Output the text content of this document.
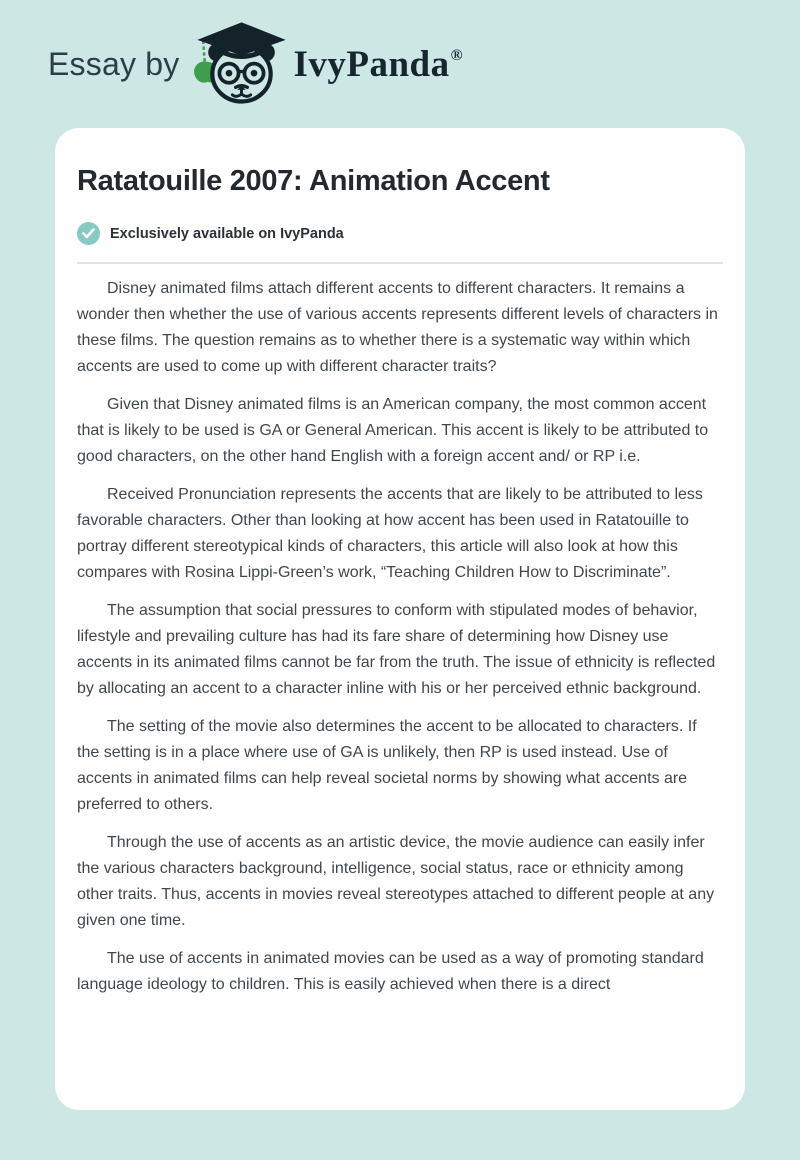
Essay by	IvyPanda®
Ratatouille 2007: Animation Accent
Exclusively available on IvyPanda

Disney animated films attach different accents to different characters. It remains a wonder then whether the use of various accents represents different levels of characters in these films. The question remains as to whether there is a systematic way within which accents are used to come up with different character traits?

Given that Disney animated films is an American company, the most common accent that is likely to be used is GA or General American. This accent is likely to be attributed to good characters, on the other hand English with a foreign accent and/ or RP i.e.

Received Pronunciation represents the accents that are likely to be attributed to less favorable characters. Other than looking at how accent has been used in Ratatouille to portray different stereotypical kinds of characters, this article will also look at how this compares with Rosina Lippi-Green’s work, “Teaching Children How to Discriminate”.

The assumption that social pressures to conform with stipulated modes of behavior, lifestyle and prevailing culture has had its fare share of determining how Disney use accents in its animated films cannot be far from the truth. The issue of ethnicity is reflected by allocating an accent to a character inline with his or her perceived ethnic background.

The setting of the movie also determines the accent to be allocated to characters. If the setting is in a place where use of GA is unlikely, then RP is used instead. Use of accents in animated films can help reveal societal norms by showing what accents are preferred to others.

Through the use of accents as an artistic device, the movie audience can easily infer the various characters background, intelligence, social status, race or ethnicity among other traits. Thus, accents in movies reveal stereotypes attached to different people at any given one time.

The use of accents in animated movies can be used as a way of promoting standard language ideology to children. This is easily achieved when there is a direct
